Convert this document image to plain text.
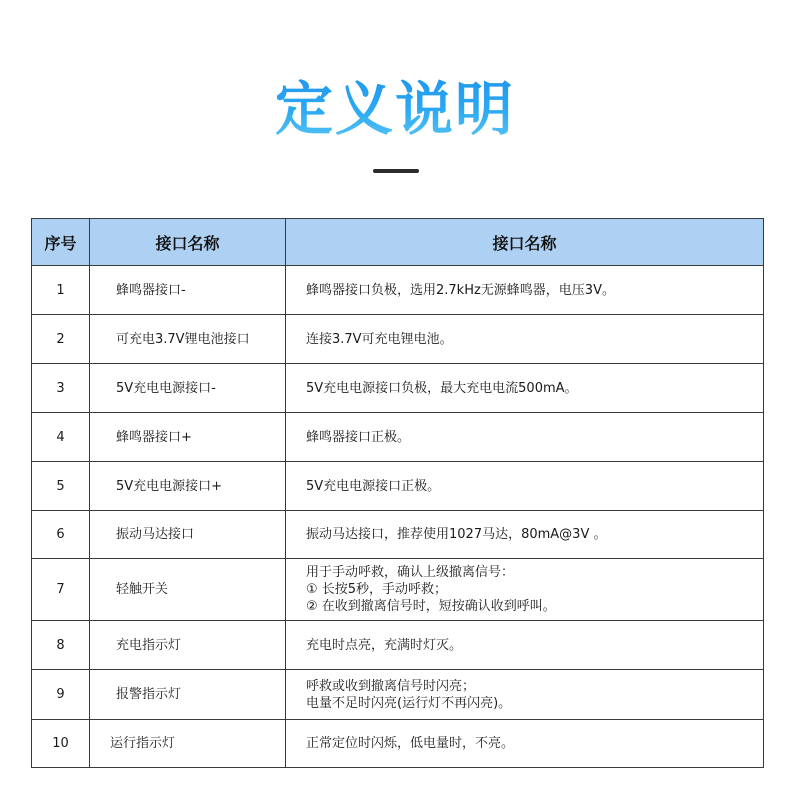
定义说明
序号	接口名称	接口名称
1	蜂鸣器接口-	蜂鸣器接口负极，选用2.7kHz无源蜂鸣器，电压3V。

2	可充电3.7V锂电池接口	连接3.7V可充电锂电池。

3	5V充电电源接口-	5V充电电源接口负极，最大充电电流500mA。

4	蜂鸣器接口+	蜂鸣器接口正极。

5	5V充电电源接口+	5V充电电源接口正极。

6	振动马达接口	振动马达接口，推荐使用1027马达，80mA@3V 。

7	轻触开关	用于手动呼救，确认上级撤离信号：
① 长按5秒，手动呼救；
② 在收到撤离信号时，短按确认收到呼叫。

8	充电指示灯	充电时点亮，充满时灯灭。

9	报警指示灯	呼救或收到撤离信号时闪亮；
电量不足时闪亮(运行灯不再闪亮)。

10	运行指示灯	正常定位时闪烁，低电量时，不亮。
